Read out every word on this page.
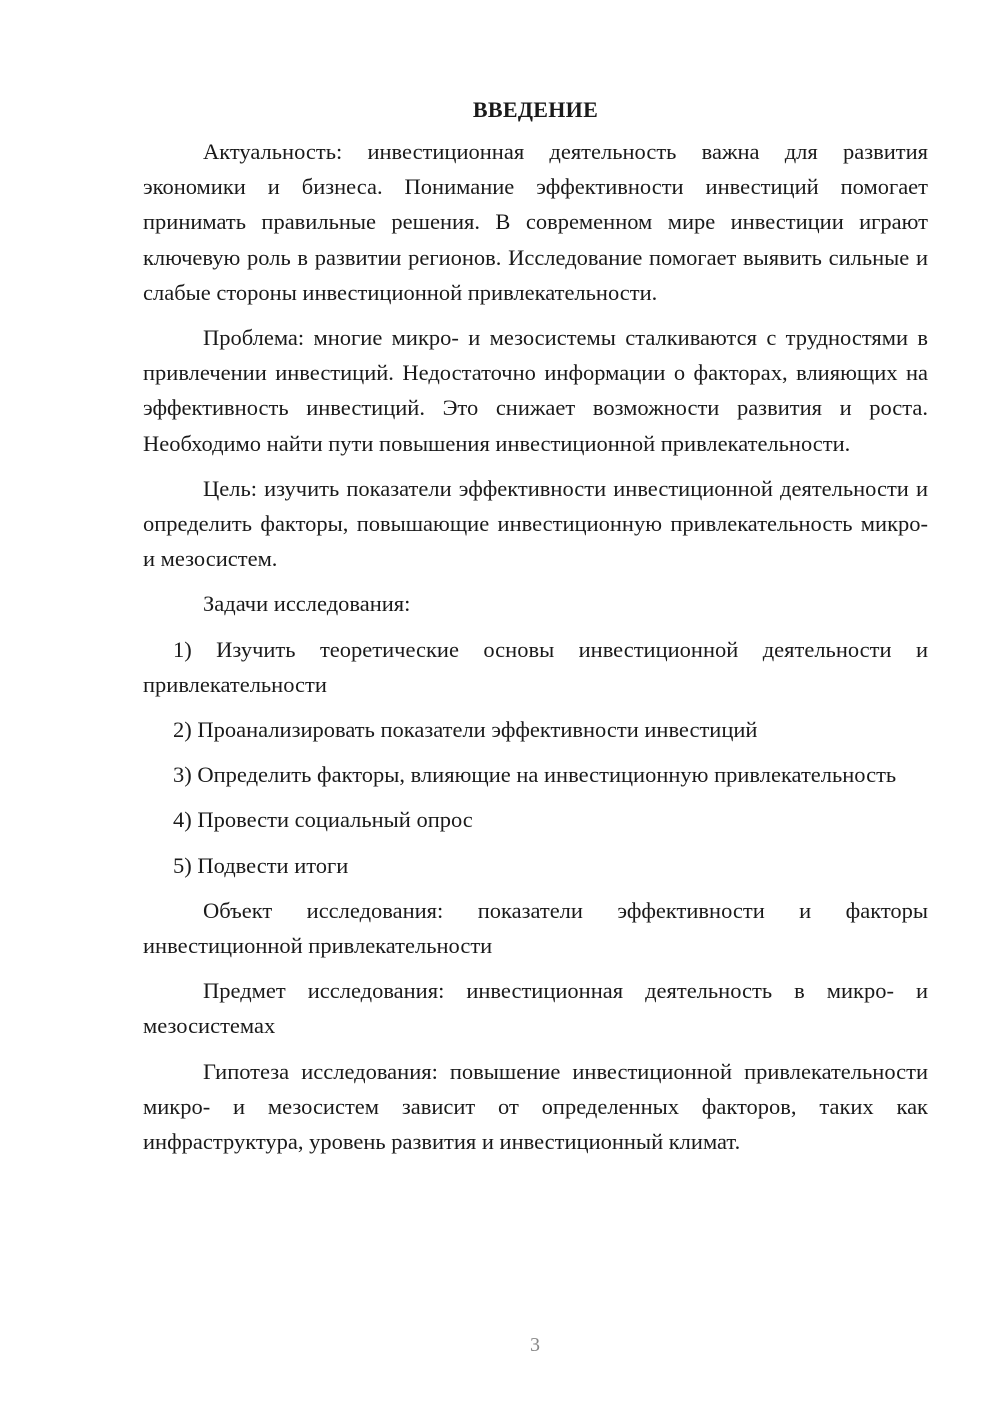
ВВЕДЕНИЕ

Актуальность: инвестиционная деятельность важна для развития экономики и бизнеса. Понимание эффективности инвестиций помогает принимать правильные решения. В современном мире инвестиции играют ключевую роль в развитии регионов. Исследование помогает выявить сильные и слабые стороны инвестиционной привлекательности.

Проблема: многие микро- и мезосистемы сталкиваются с трудностями в привлечении инвестиций. Недостаточно информации о факторах, влияющих на эффективность инвестиций. Это снижает возможности развития и роста. Необходимо найти пути повышения инвестиционной привлекательности.

Цель: изучить показатели эффективности инвестиционной деятельности и определить факторы, повышающие инвестиционную привлекательность микро- и мезосистем.

Задачи исследования:

1) Изучить теоретические основы инвестиционной деятельности и привлекательности

2) Проанализировать показатели эффективности инвестиций

3) Определить факторы, влияющие на инвестиционную привлекательность

4) Провести социальный опрос

5) Подвести итоги

Объект исследования: показатели эффективности и факторы инвестиционной привлекательности

Предмет исследования: инвестиционная деятельность в микро- и мезосистемах

Гипотеза исследования: повышение инвестиционной привлекательности микро- и мезосистем зависит от определенных факторов, таких как инфраструктура, уровень развития и инвестиционный климат.

3
